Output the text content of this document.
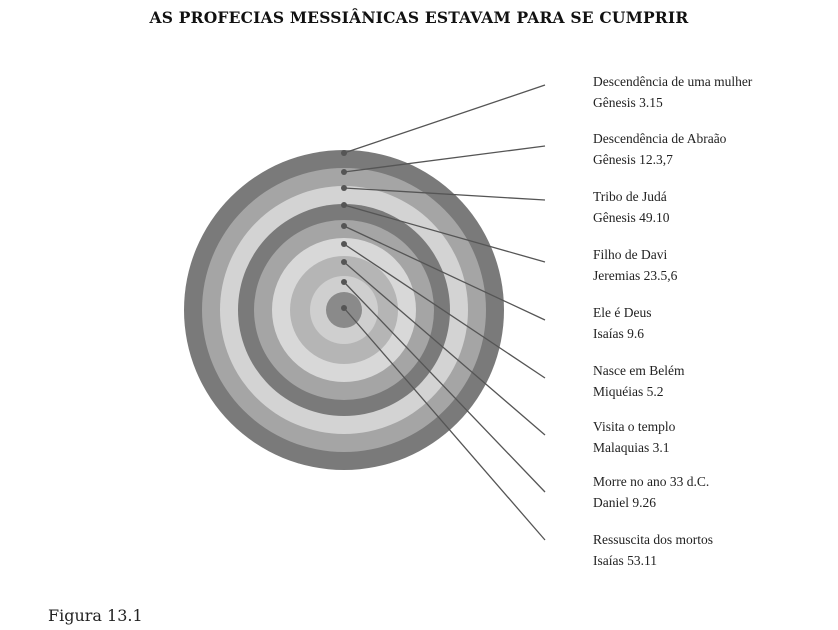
AS PROFECIAS MESSIÂNICAS ESTAVAM PARA SE CUMPRIR
Descendência de uma mulher
Gênesis 3.15
Descendência de Abraão
Gênesis 12.3,7
Tribo de Judá
Gênesis 49.10
Filho de Davi
Jeremias 23.5,6
Ele é Deus
Isaías 9.6
Nasce em Belém
Miquéias 5.2
Visita o templo
Malaquias 3.1
Morre no ano 33 d.C.
Daniel 9.26
Ressuscita dos mortos
Isaías 53.11
Figura 13.1
